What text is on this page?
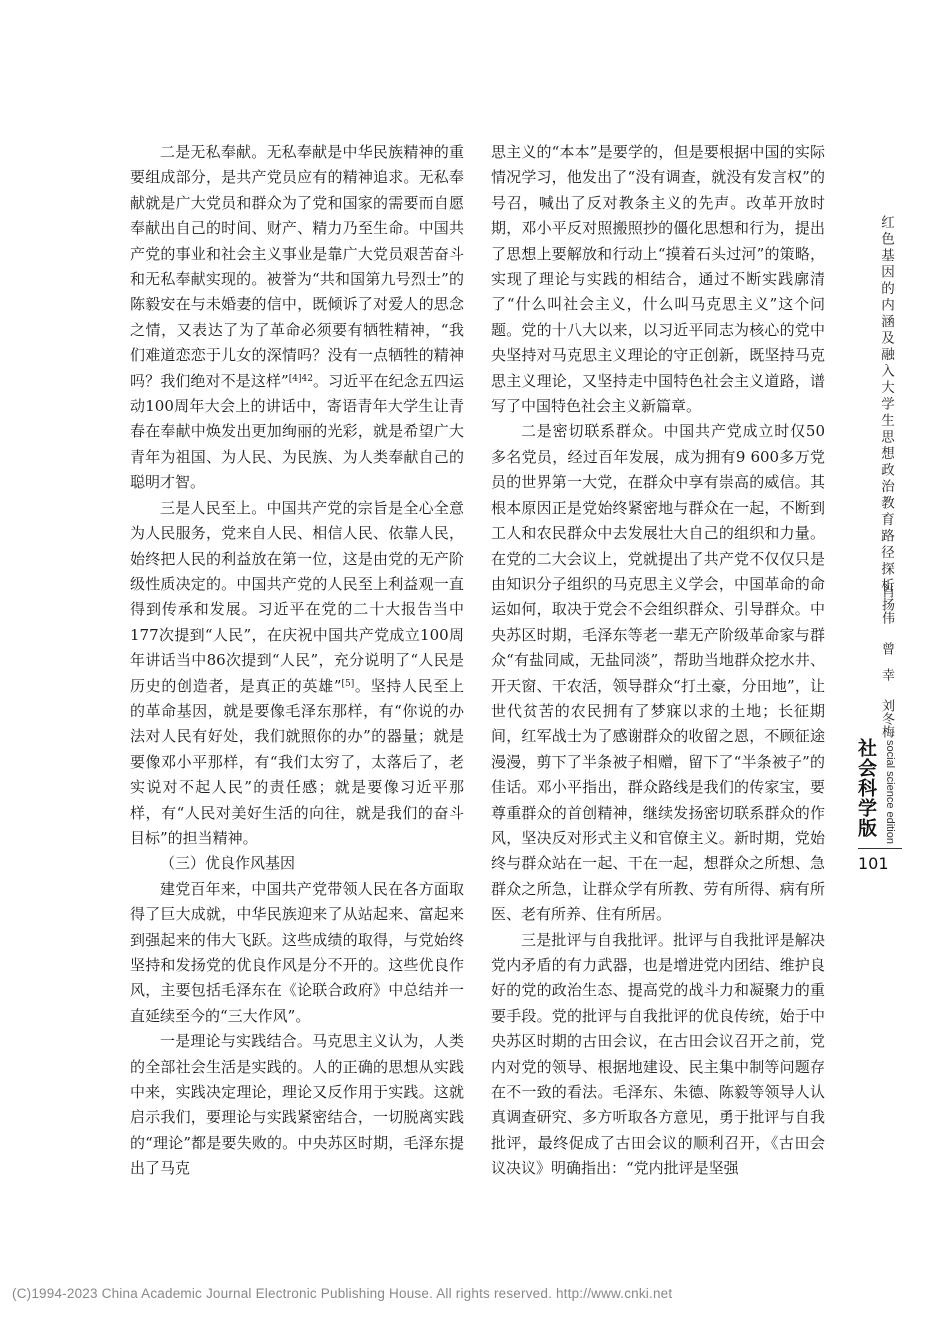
二是无私奉献。无私奉献是中华民族精神的重要组成部分，是共产党员应有的精神追求。无私奉献就是广大党员和群众为了党和国家的需要而自愿奉献出自己的时间、财产、精力乃至生命。中国共产党的事业和社会主义事业是靠广大党员艰苦奋斗和无私奉献实现的。被誉为“共和国第九号烈士”的陈毅安在与未婚妻的信中，既倾诉了对爱人的思念之情，又表达了为了革命必须要有牺牲精神，“我们难道恋恋于儿女的深情吗？没有一点牺牲的精神吗？我们绝对不是这样”$^{[4]42}$。习近平在纪念五四运动100周年大会上的讲话中，寄语青年大学生让青春在奉献中焕发出更加绚丽的光彩，就是希望广大青年为祖国、为人民、为民族、为人类奉献自己的聪明才智。

三是人民至上。中国共产党的宗旨是全心全意为人民服务，党来自人民、相信人民、依靠人民，始终把人民的利益放在第一位，这是由党的无产阶级性质决定的。中国共产党的人民至上利益观一直得到传承和发展。习近平在党的二十大报告当中177次提到“人民”，在庆祝中国共产党成立100周年讲话当中86次提到“人民”，充分说明了“人民是历史的创造者，是真正的英雄”[5]。坚持人民至上的革命基因，就是要像毛泽东那样，有“你说的办法对人民有好处，我们就照你的办”的器量；就是要像邓小平那样，有“我们太穷了，太落后了，老实说对不起人民”的责任感；就是要像习近平那样，有“人民对美好生活的向往，就是我们的奋斗目标”的担当精神。

（三）优良作风基因

建党百年来，中国共产党带领人民在各方面取得了巨大成就，中华民族迎来了从站起来、富起来到强起来的伟大飞跃。这些成绩的取得，与党始终坚持和发扬党的优良作风是分不开的。这些优良作风，主要包括毛泽东在《论联合政府》中总结并一直延续至今的“三大作风”。

一是理论与实践结合。马克思主义认为，人类的全部社会生活是实践的。人的正确的思想从实践中来，实践决定理论，理论又反作用于实践。这就启示我们，要理论与实践紧密结合，一切脱离实践的“理论”都是要失败的。中央苏区时期，毛泽东提出了马克

思主义的“本本”是要学的，但是要根据中国的实际情况学习，他发出了“没有调查，就没有发言权”的号召，喊出了反对教条主义的先声。改革开放时期，邓小平反对照搬照抄的僵化思想和行为，提出了思想上要解放和行动上“摸着石头过河”的策略，实现了理论与实践的相结合，通过不断实践廓清了“什么叫社会主义，什么叫马克思主义”这个问题。党的十八大以来，以习近平同志为核心的党中央坚持对马克思主义理论的守正创新，既坚持马克思主义理论，又坚持走中国特色社会主义道路，谱写了中国特色社会主义新篇章。

二是密切联系群众。中国共产党成立时仅50多名党员，经过百年发展，成为拥有9 600多万党员的世界第一大党，在群众中享有崇高的威信。其根本原因正是党始终紧密地与群众在一起，不断到工人和农民群众中去发展壮大自己的组织和力量。在党的二大会议上，党就提出了共产党不仅仅只是由知识分子组织的马克思主义学会，中国革命的命运如何，取决于党会不会组织群众、引导群众。中央苏区时期，毛泽东等老一辈无产阶级革命家与群众“有盐同咸，无盐同淡”，帮助当地群众挖水井、开天窗、干农活，领导群众“打土豪，分田地”，让世代贫苦的农民拥有了梦寐以求的土地；长征期间，红军战士为了感谢群众的收留之恩，不顾征途漫漫，剪下了半条被子相赠，留下了“半条被子”的佳话。邓小平指出，群众路线是我们的传家宝，要尊重群众的首创精神，继续发扬密切联系群众的作风，坚决反对形式主义和官僚主义。新时期，党始终与群众站在一起、干在一起，想群众之所想、急群众之所急，让群众学有所教、劳有所得、病有所医、老有所养、住有所居。

三是批评与自我批评。批评与自我批评是解决党内矛盾的有力武器，也是增进党内团结、维护良好的党的政治生态、提高党的战斗力和凝聚力的重要手段。党的批评与自我批评的优良传统，始于中央苏区时期的古田会议，在古田会议召开之前，党内对党的领导、根据地建设、民主集中制等问题存在不一致的看法。毛泽东、朱德、陈毅等领导人认真调查研究、多方听取各方意见，勇于批评与自我批评，最终促成了古田会议的顺利召开，《古田会议决议》明确指出：“党内批评是坚强

红色基因的内涵及融入大学生思想政治教育路径探析
肖扬伟曾　幸刘冬梅
社会科学版 social science edition
101
(C)1994-2023 China Academic Journal Electronic Publishing House. All rights reserved. http://www.cnki.net
